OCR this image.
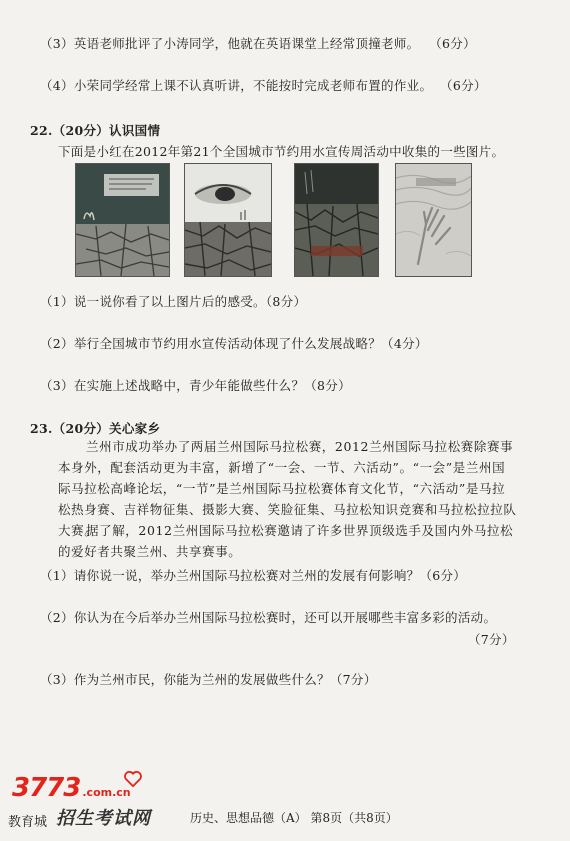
（3）英语老师批评了小涛同学，他就在英语课堂上经常顶撞老师。 （6分）
（4）小荣同学经常上课不认真听讲，不能按时完成老师布置的作业。 （6分）
22.（20分）认识国情
下面是小红在2012年第21个全国城市节约用水宣传周活动中收集的一些图片。
（1）说一说你看了以上图片后的感受。（8分）
（2）举行全国城市节约用水宣传活动体现了什么发展战略？（4分）
（3）在实施上述战略中，青少年能做些什么？（8分）
23.（20分）关心家乡
兰州市成功举办了两届兰州国际马拉松赛，2012兰州国际马拉松赛除赛事本身外，配套活动更为丰富，新增了“一会、一节、六活动”。“一会”是兰州国际马拉松高峰论坛，“一节”是兰州国际马拉松赛体育文化节，“六活动”是马拉松热身赛、吉祥物征集、摄影大赛、笑脸征集、马拉松知识竞赛和马拉松拉拉队大赛。
据了解，2012兰州国际马拉松赛邀请了许多世界顶级选手及国内外马拉松的爱好者共聚兰州、共享赛事。
（1）请你说一说，举办兰州国际马拉松赛对兰州的发展有何影响？（6分）
（2）你认为在今后举办兰州国际马拉松赛时，还可以开展哪些丰富多彩的活动。
（7分）
（3）作为兰州市民，你能为兰州的发展做些什么？（7分）
3773 .com.cn
教育城 招生考试网	历史、思想品德（A） 第8页（共8页）
